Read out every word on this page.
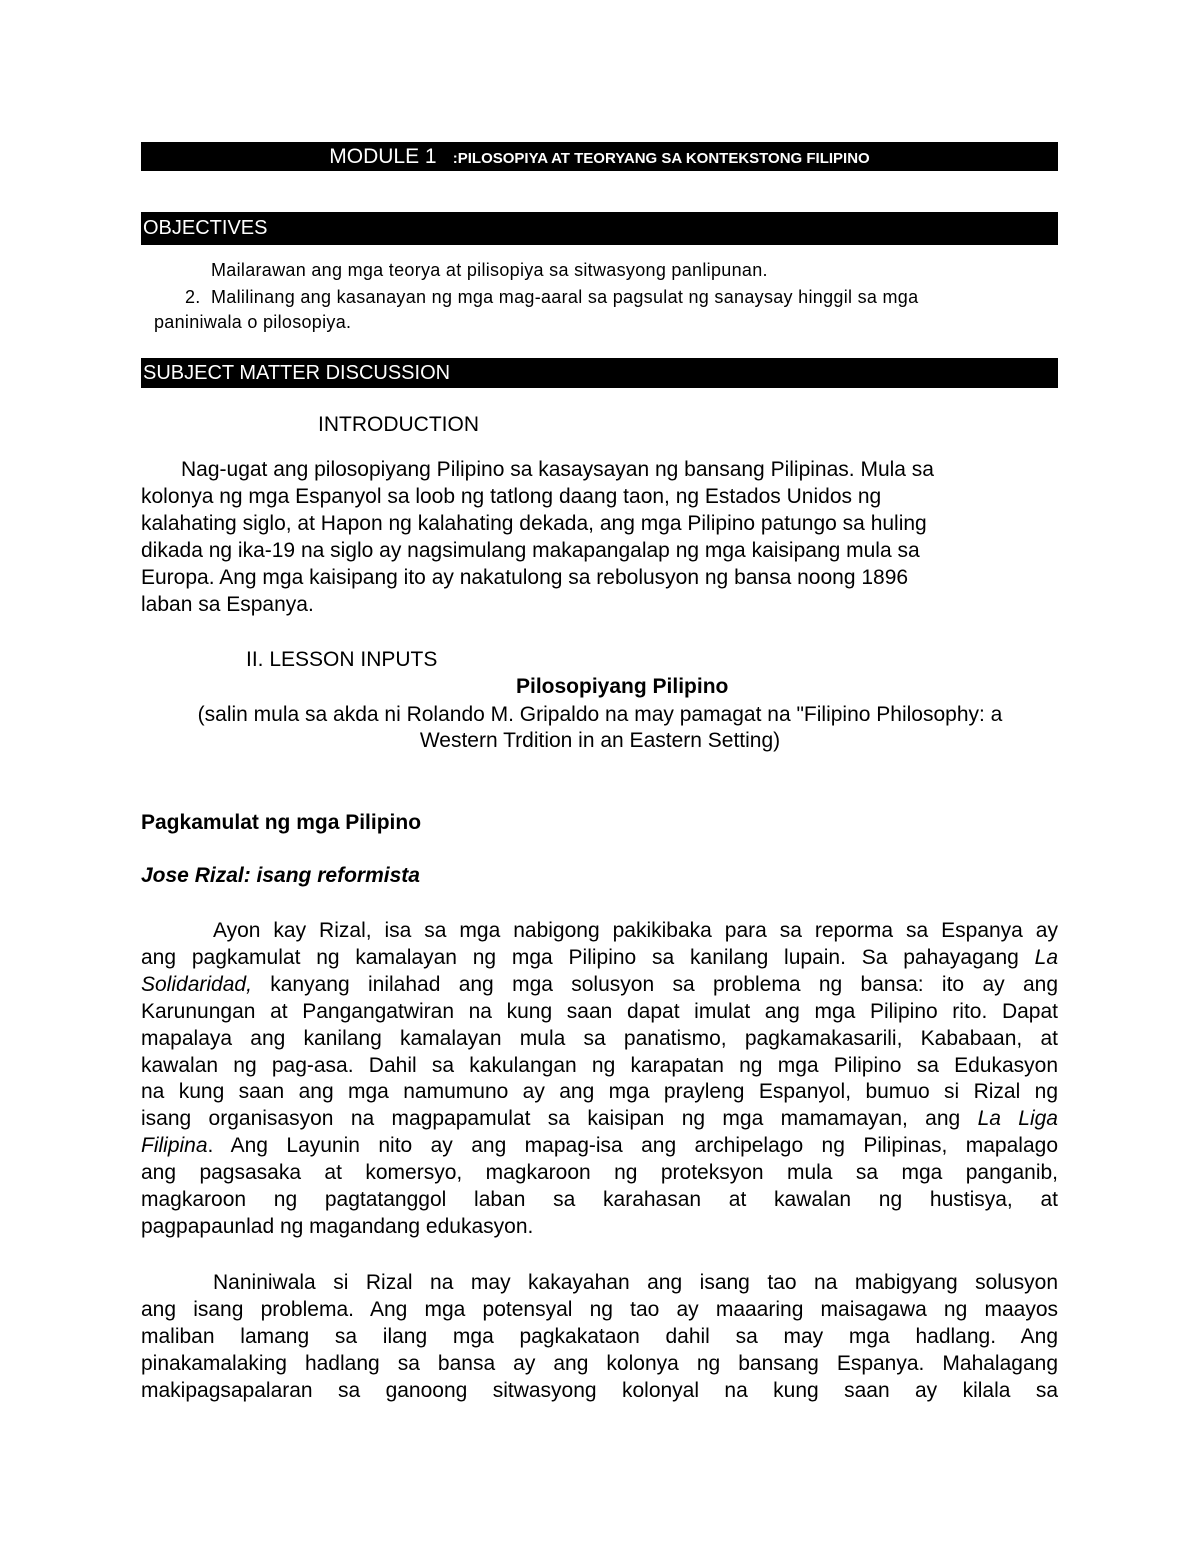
MODULE 1 :PILOSOPIYA AT TEORYANG SA KONTEKSTONG FILIPINO
OBJECTIVES
Mailarawan ang mga teorya at pilisopiya sa sitwasyong panlipunan.
2. Malilinang ang kasanayan ng mga mag-aaral sa pagsulat ng sanaysay hinggil sa mga
paniniwala o pilosopiya.
SUBJECT MATTER DISCUSSION
INTRODUCTION
Nag-ugat ang pilosopiyang Pilipino sa kasaysayan ng bansang Pilipinas. Mula sa
kolonya ng mga Espanyol sa loob ng tatlong daang taon, ng Estados Unidos ng
kalahating siglo, at Hapon ng kalahating dekada, ang mga Pilipino patungo sa huling
dikada ng ika-19 na siglo ay nagsimulang makapangalap ng mga kaisipang mula sa
Europa. Ang mga kaisipang ito ay nakatulong sa rebolusyon ng bansa noong 1896
laban sa Espanya.
II. LESSON INPUTS
Pilosopiyang Pilipino
(salin mula sa akda ni Rolando M. Gripaldo na may pamagat na "Filipino Philosophy: a
Western Trdition in an Eastern Setting)
Pagkamulat ng mga Pilipino
Jose Rizal: isang reformista
Ayon kay Rizal, isa sa mga nabigong pakikibaka para sa reporma sa Espanya ay
ang pagkamulat ng kamalayan ng mga Pilipino sa kanilang lupain. Sa pahayagang La
Solidaridad, kanyang inilahad ang mga solusyon sa problema ng bansa: ito ay ang
Karunungan at Pangangatwiran na kung saan dapat imulat ang mga Pilipino rito. Dapat
mapalaya ang kanilang kamalayan mula sa panatismo, pagkamakasarili, Kababaan, at
kawalan ng pag-asa. Dahil sa kakulangan ng karapatan ng mga Pilipino sa Edukasyon
na kung saan ang mga namumuno ay ang mga prayleng Espanyol, bumuo si Rizal ng
isang organisasyon na magpapamulat sa kaisipan ng mga mamamayan, ang La Liga
Filipina. Ang Layunin nito ay ang mapag-isa ang archipelago ng Pilipinas, mapalago
ang pagsasaka at komersyo, magkaroon ng proteksyon mula sa mga panganib,
magkaroon ng pagtatanggol laban sa karahasan at kawalan ng hustisya, at
pagpapaunlad ng magandang edukasyon.
Naniniwala si Rizal na may kakayahan ang isang tao na mabigyang solusyon
ang isang problema. Ang mga potensyal ng tao ay maaaring maisagawa ng maayos
maliban lamang sa ilang mga pagkakataon dahil sa may mga hadlang. Ang
pinakamalaking hadlang sa bansa ay ang kolonya ng bansang Espanya. Mahalagang
makipagsapalaran sa ganoong sitwasyong kolonyal na kung saan ay kilala sa
